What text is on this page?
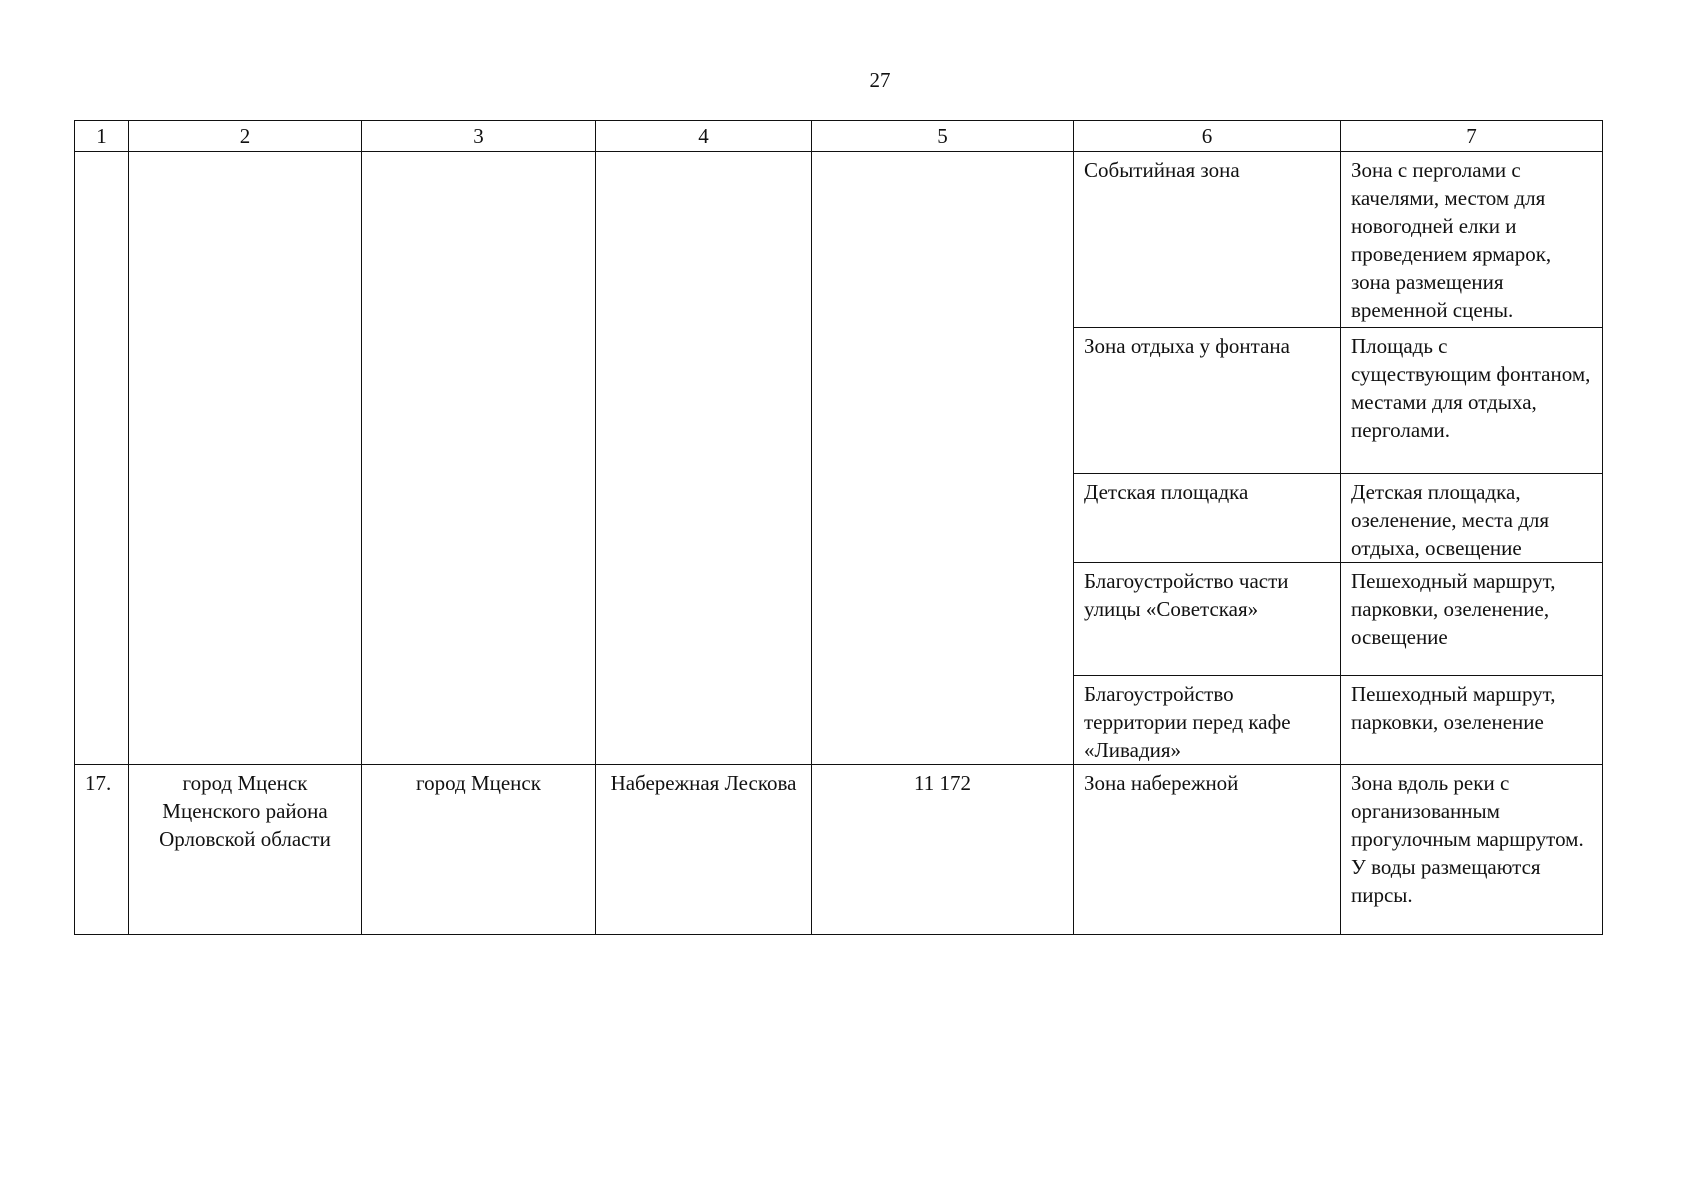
27
1	2	3	4	5	6	7
					Событийная зона	Зона с перголами с качелями, местом для новогодней елки и проведением ярмарок, зона размещения временной сцены.
					Зона отдыха у фонтана	Площадь с существующим фонтаном, местами для отдыха, перголами.
					Детская площадка	Детская площадка, озеленение, места для отдыха, освещение
					Благоустройство части улицы «Советская»	Пешеходный маршрут, парковки, озеленение, освещение
					Благоустройство территории перед кафе «Ливадия»	Пешеходный маршрут, парковки, озеленение
17.	город Мценск Мценского района Орловской области	город Мценск	Набережная Лескова	11 172	Зона набережной	Зона вдоль реки с организованным прогулочным маршрутом. У воды размещаются пирсы.
